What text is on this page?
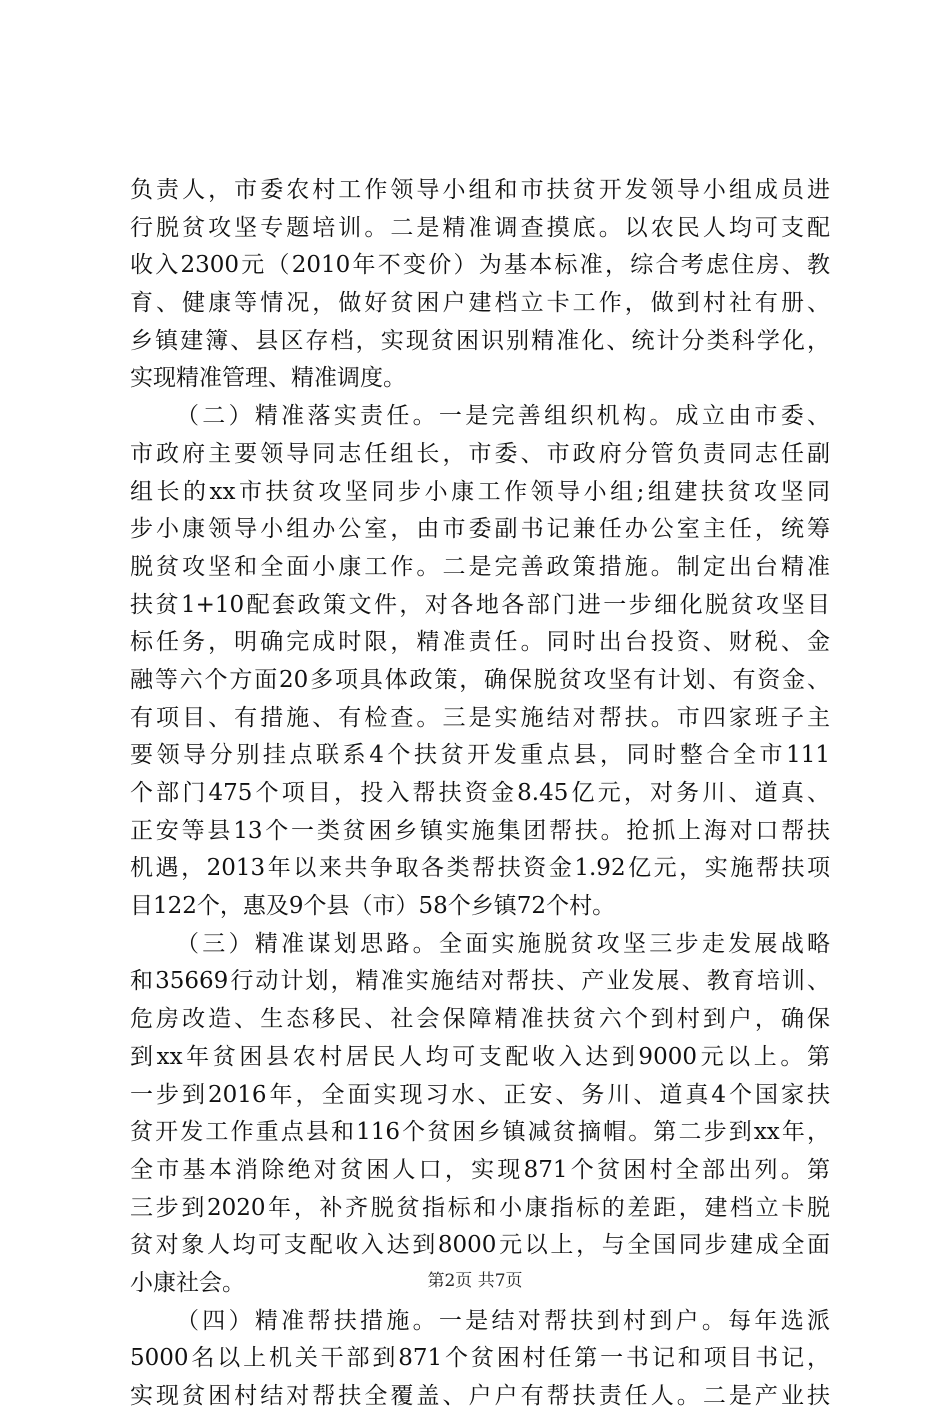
负责人，市委农村工作领导小组和市扶贫开发领导小组成员进
行脱贫攻坚专题培训。二是精准调查摸底。以农民人均可支配
收入2300元（2010年不变价）为基本标准，综合考虑住房、教
育、健康等情况，做好贫困户建档立卡工作，做到村社有册、
乡镇建簿、县区存档，实现贫困识别精准化、统计分类科学化，
实现精准管理、精准调度。
（二）精准落实责任。一是完善组织机构。成立由市委、
市政府主要领导同志任组长，市委、市政府分管负责同志任副
组长的xx市扶贫攻坚同步小康工作领导小组;组建扶贫攻坚同
步小康领导小组办公室，由市委副书记兼任办公室主任，统筹
脱贫攻坚和全面小康工作。二是完善政策措施。制定出台精准
扶贫1+10配套政策文件，对各地各部门进一步细化脱贫攻坚目
标任务，明确完成时限，精准责任。同时出台投资、财税、金
融等六个方面20多项具体政策，确保脱贫攻坚有计划、有资金、
有项目、有措施、有检查。三是实施结对帮扶。市四家班子主
要领导分别挂点联系4个扶贫开发重点县，同时整合全市111
个部门475个项目，投入帮扶资金8.45亿元，对务川、道真、
正安等县13个一类贫困乡镇实施集团帮扶。抢抓上海对口帮扶
机遇，2013年以来共争取各类帮扶资金1.92亿元，实施帮扶项
目122个，惠及9个县（市）58个乡镇72个村。
（三）精准谋划思路。全面实施脱贫攻坚三步走发展战略
和35669行动计划，精准实施结对帮扶、产业发展、教育培训、
危房改造、生态移民、社会保障精准扶贫六个到村到户，确保
到xx年贫困县农村居民人均可支配收入达到9000元以上。第
一步到2016年，全面实现习水、正安、务川、道真4个国家扶
贫开发工作重点县和116个贫困乡镇减贫摘帽。第二步到xx年，
全市基本消除绝对贫困人口，实现871个贫困村全部出列。第
三步到2020年，补齐脱贫指标和小康指标的差距，建档立卡脱
贫对象人均可支配收入达到8000元以上，与全国同步建成全面
小康社会。
（四）精准帮扶措施。一是结对帮扶到村到户。每年选派
5000名以上机关干部到871个贫困村任第一书记和项目书记，
实现贫困村结对帮扶全覆盖、户户有帮扶责任人。二是产业扶
第2页 共7页
